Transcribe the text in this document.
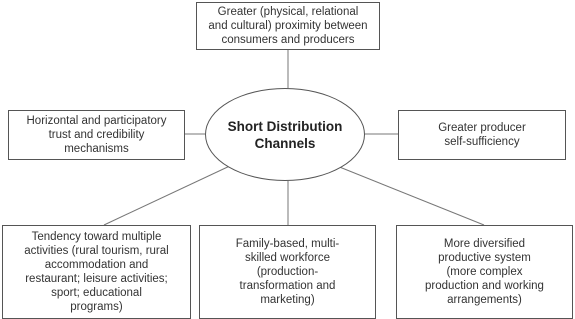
Greater (physical, relational
and cultural) proximity between
consumers and producers
Horizontal and participatory
trust and credibility
mechanisms
Greater producer
self-sufficiency
Short Distribution
Channels
Tendency toward multiple
activities (rural tourism, rural
accommodation and
restaurant; leisure activities;
sport; educational
programs)
Family-based, multi-
skilled workforce
(production-
transformation and
marketing)
More diversified
productive system
(more complex
production and working
arrangements)
